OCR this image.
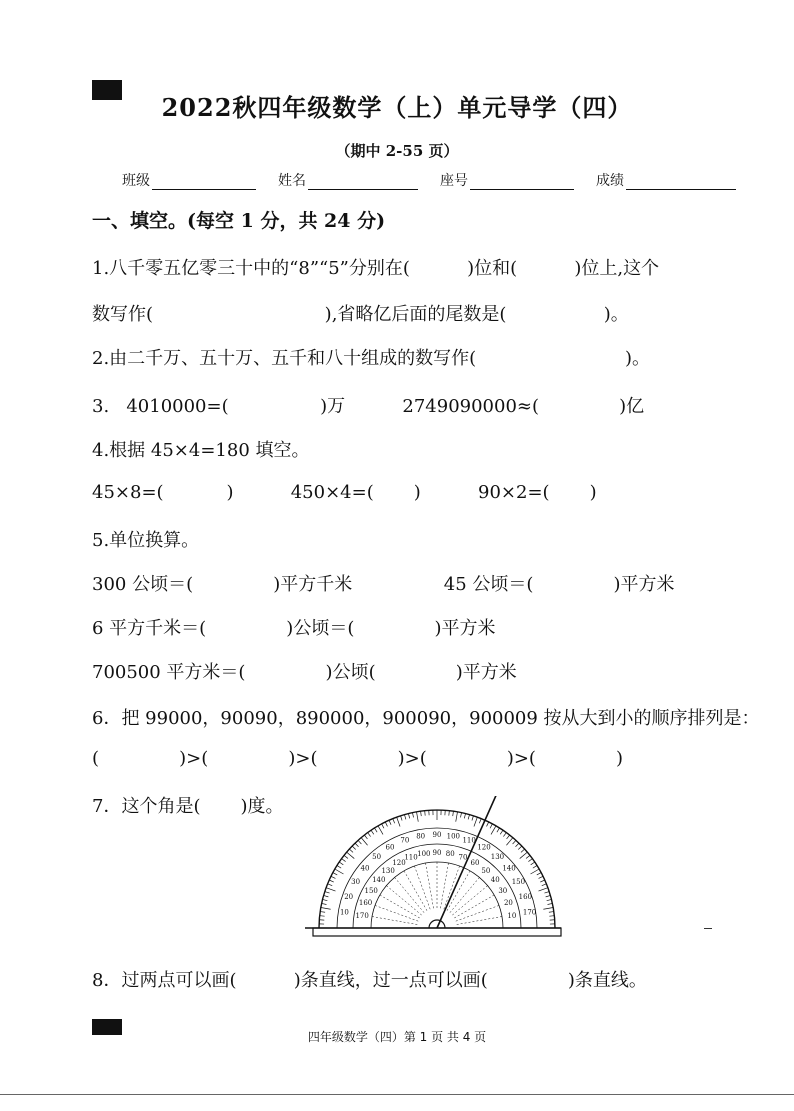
2022秋四年级数学（上）单元导学（四）
（期中 2-55 页）
班级	姓名	座号	成绩
一、填空。(每空 1 分，共 24 分)
1.八千零五亿零三十中的“8”“5”分别在(          )位和(          )位上,这个
数写作(                              ),省略亿后面的尾数是(                 )。
2.由二千万、五十万、五千和八十组成的数写作(                          )。
3.   4010000=(                )万          2749090000≈(              )亿
4.根据 45×4=180 填空。
45×8=(           )          450×4=(       )          90×2=(       )
5.单位换算。
300 公顷＝(              )平方千米                45 公顷＝(              )平方米
6 平方千米＝(              )公顷＝(              )平方米
700500 平方米＝(              )公顷(              )平方米
6．把 99000，90090，890000，900090，900009 按从大到小的顺序排列是：
(              )>(              )>(              )>(              )>(              )
7．这个角是(       )度。
170
10
160
20
150
30
140
40
130
50
120
60
110
70
100
80
90
90
80
100
70
110
60
120
50
130
40
140
30
150
20
160
10 170
8．过两点可以画(          )条直线，过一点可以画(              )条直线。
四年级数学（四）第 1 页 共 4 页
